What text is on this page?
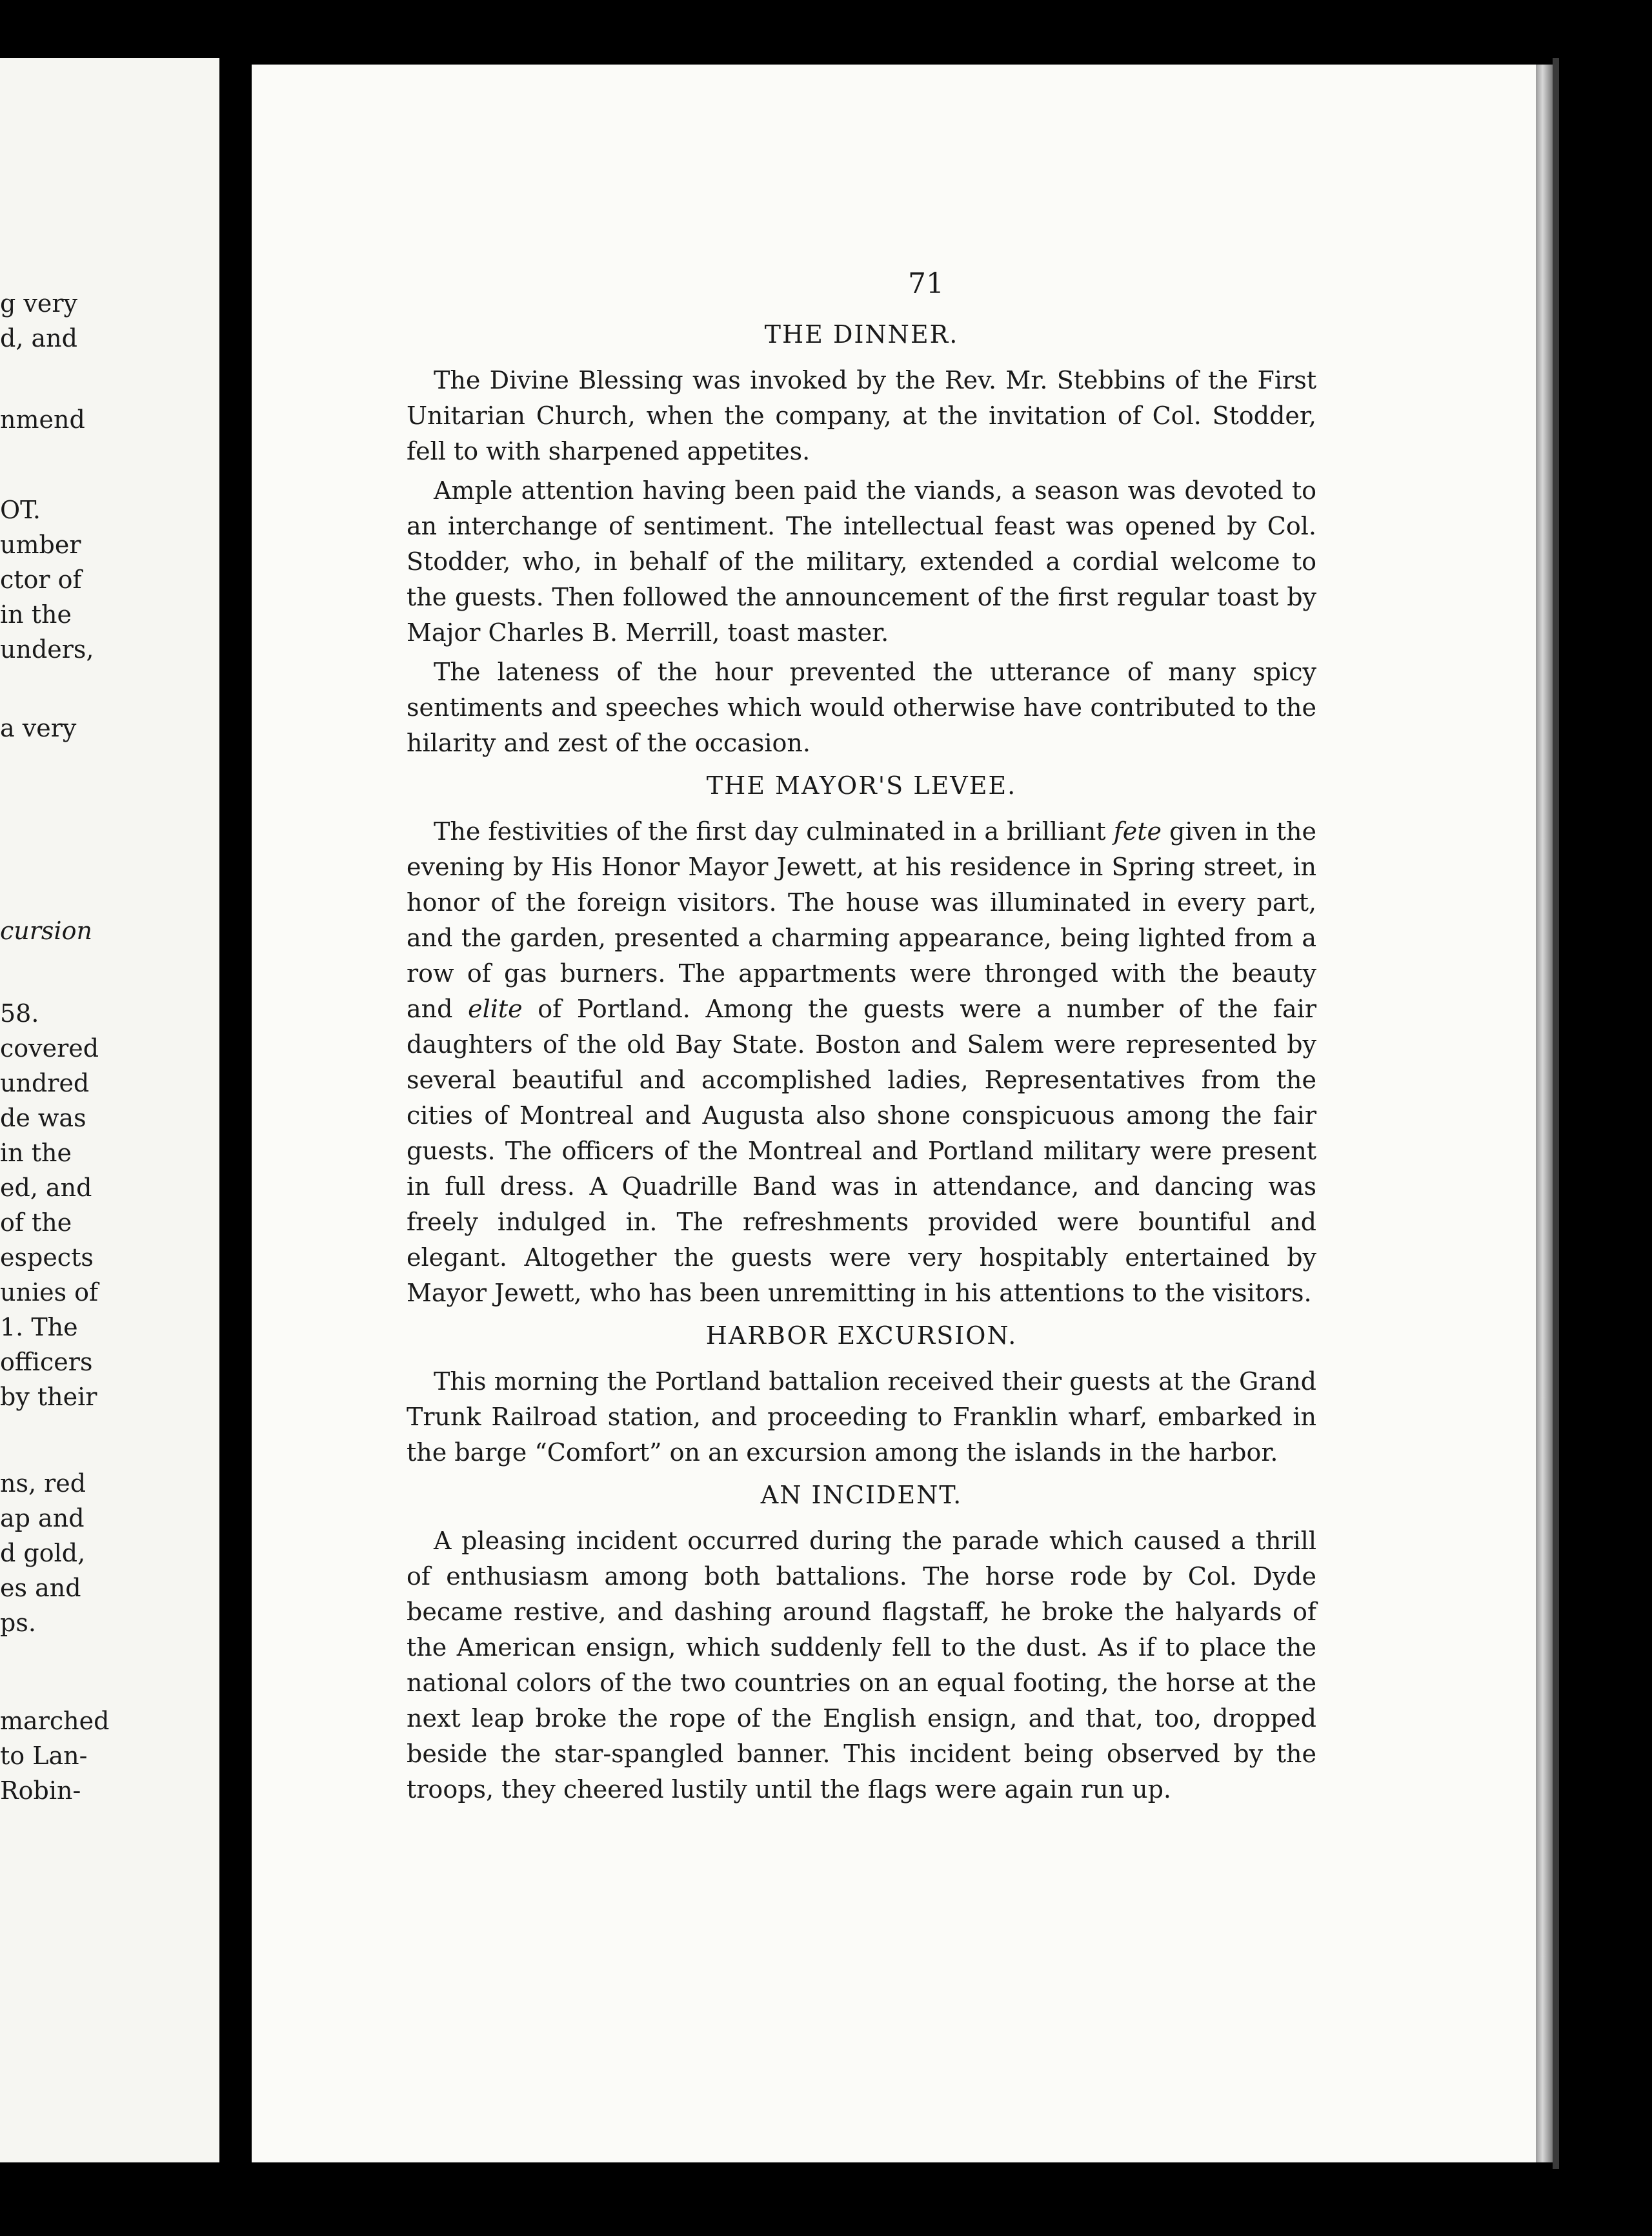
g very
d, and
nmend
OT.
umber
ctor of
in the
unders,
a very
cursion
58.
covered
undred
de was
in the
ed, and
of the
espects
unies of
1. The
officers
by their
ns, red
ap and
d gold,
es and
ps.
marched
to Lan-
Robin-
71
THE DINNER.

The Divine Blessing was invoked by the Rev. Mr. Stebbins of the First Unitarian Church, when the company, at the invitation of Col. Stodder, fell to with sharpened appetites.

Ample attention having been paid the viands, a season was devoted to an interchange of sentiment. The intellectual feast was opened by Col. Stodder, who, in behalf of the military, extended a cordial welcome to the guests. Then followed the announcement of the first regular toast by Major Charles B. Merrill, toast master.

The lateness of the hour prevented the utterance of many spicy sentiments and speeches which would otherwise have contributed to the hilarity and zest of the occasion.

THE MAYOR'S LEVEE.

The festivities of the first day culminated in a brilliant fete given in the evening by His Honor Mayor Jewett, at his residence in Spring street, in honor of the foreign visitors. The house was illuminated in every part, and the garden, presented a charming appearance, being lighted from a row of gas burners. The appartments were thronged with the beauty and elite of Portland. Among the guests were a number of the fair daughters of the old Bay State. Boston and Salem were represented by several beautiful and accomplished ladies, Representatives from the cities of Montreal and Augusta also shone conspicuous among the fair guests. The officers of the Montreal and Portland military were present in full dress. A Quadrille Band was in attendance, and dancing was freely indulged in. The refreshments provided were bountiful and elegant. Altogether the guests were very hospitably entertained by Mayor Jewett, who has been unremitting in his attentions to the visitors.

HARBOR EXCURSION.

This morning the Portland battalion received their guests at the Grand Trunk Railroad station, and proceeding to Franklin wharf, embarked in the barge “Comfort” on an excursion among the islands in the harbor.

AN INCIDENT.

A pleasing incident occurred during the parade which caused a thrill of enthusiasm among both battalions. The horse rode by Col. Dyde became restive, and dashing around flagstaff, he broke the halyards of the American ensign, which suddenly fell to the dust. As if to place the national colors of the two countries on an equal footing, the horse at the next leap broke the rope of the English ensign, and that, too, dropped beside the star-spangled banner. This incident being observed by the troops, they cheered lustily until the flags were again run up.
